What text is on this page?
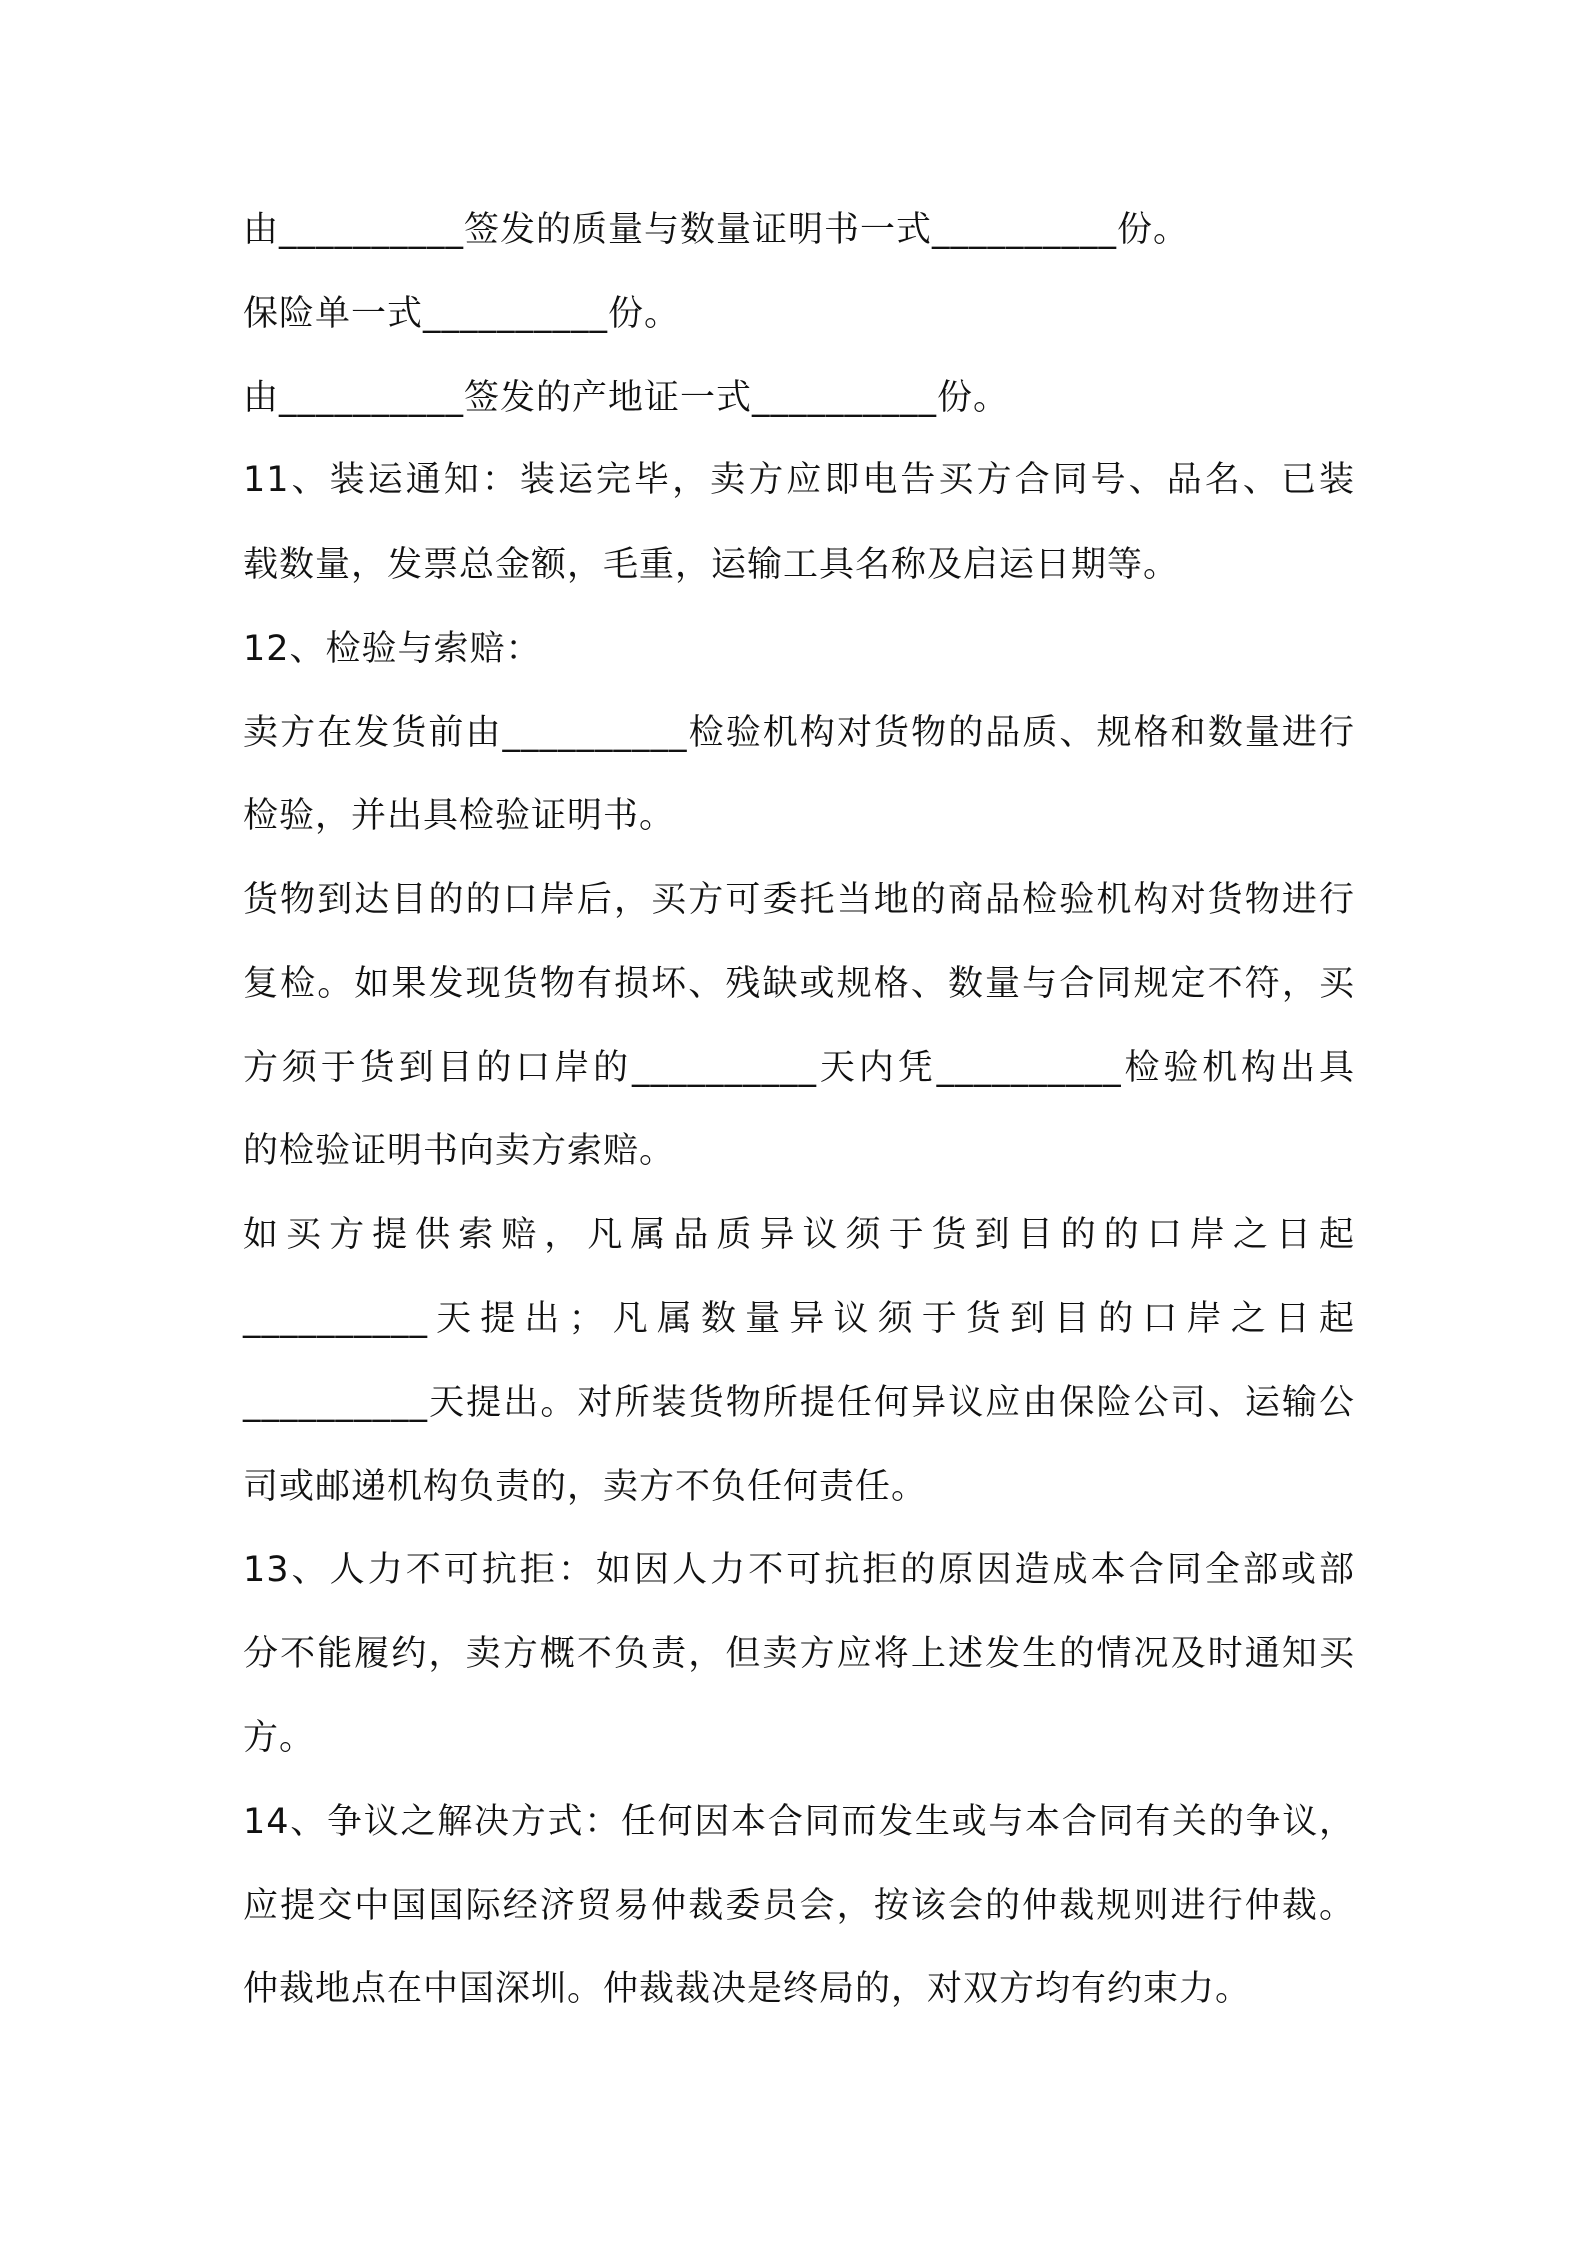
由__________签发的质量与数量证明书一式__________份。
保险单一式__________份。
由__________签发的产地证一式__________份。
11、装运通知：装运完毕，卖方应即电告买方合同号、品名、已装
载数量，发票总金额，毛重，运输工具名称及启运日期等。
12、检验与索赔：
卖方在发货前由__________检验机构对货物的品质、规格和数量进行
检验，并出具检验证明书。
货物到达目的的口岸后，买方可委托当地的商品检验机构对货物进行
复检。如果发现货物有损坏、残缺或规格、数量与合同规定不符，买
方须于货到目的口岸的__________天内凭__________检验机构出具
的检验证明书向卖方索赔。
如买方提供索赔，凡属品质异议须于货到目的的口岸之日起
__________天提出；凡属数量异议须于货到目的口岸之日起
__________天提出。对所装货物所提任何异议应由保险公司、运输公
司或邮递机构负责的，卖方不负任何责任。
13、人力不可抗拒：如因人力不可抗拒的原因造成本合同全部或部
分不能履约，卖方概不负责，但卖方应将上述发生的情况及时通知买
方。
14、争议之解决方式：任何因本合同而发生或与本合同有关的争议，
应提交中国国际经济贸易仲裁委员会，按该会的仲裁规则进行仲裁。
仲裁地点在中国深圳。仲裁裁决是终局的，对双方均有约束力。
